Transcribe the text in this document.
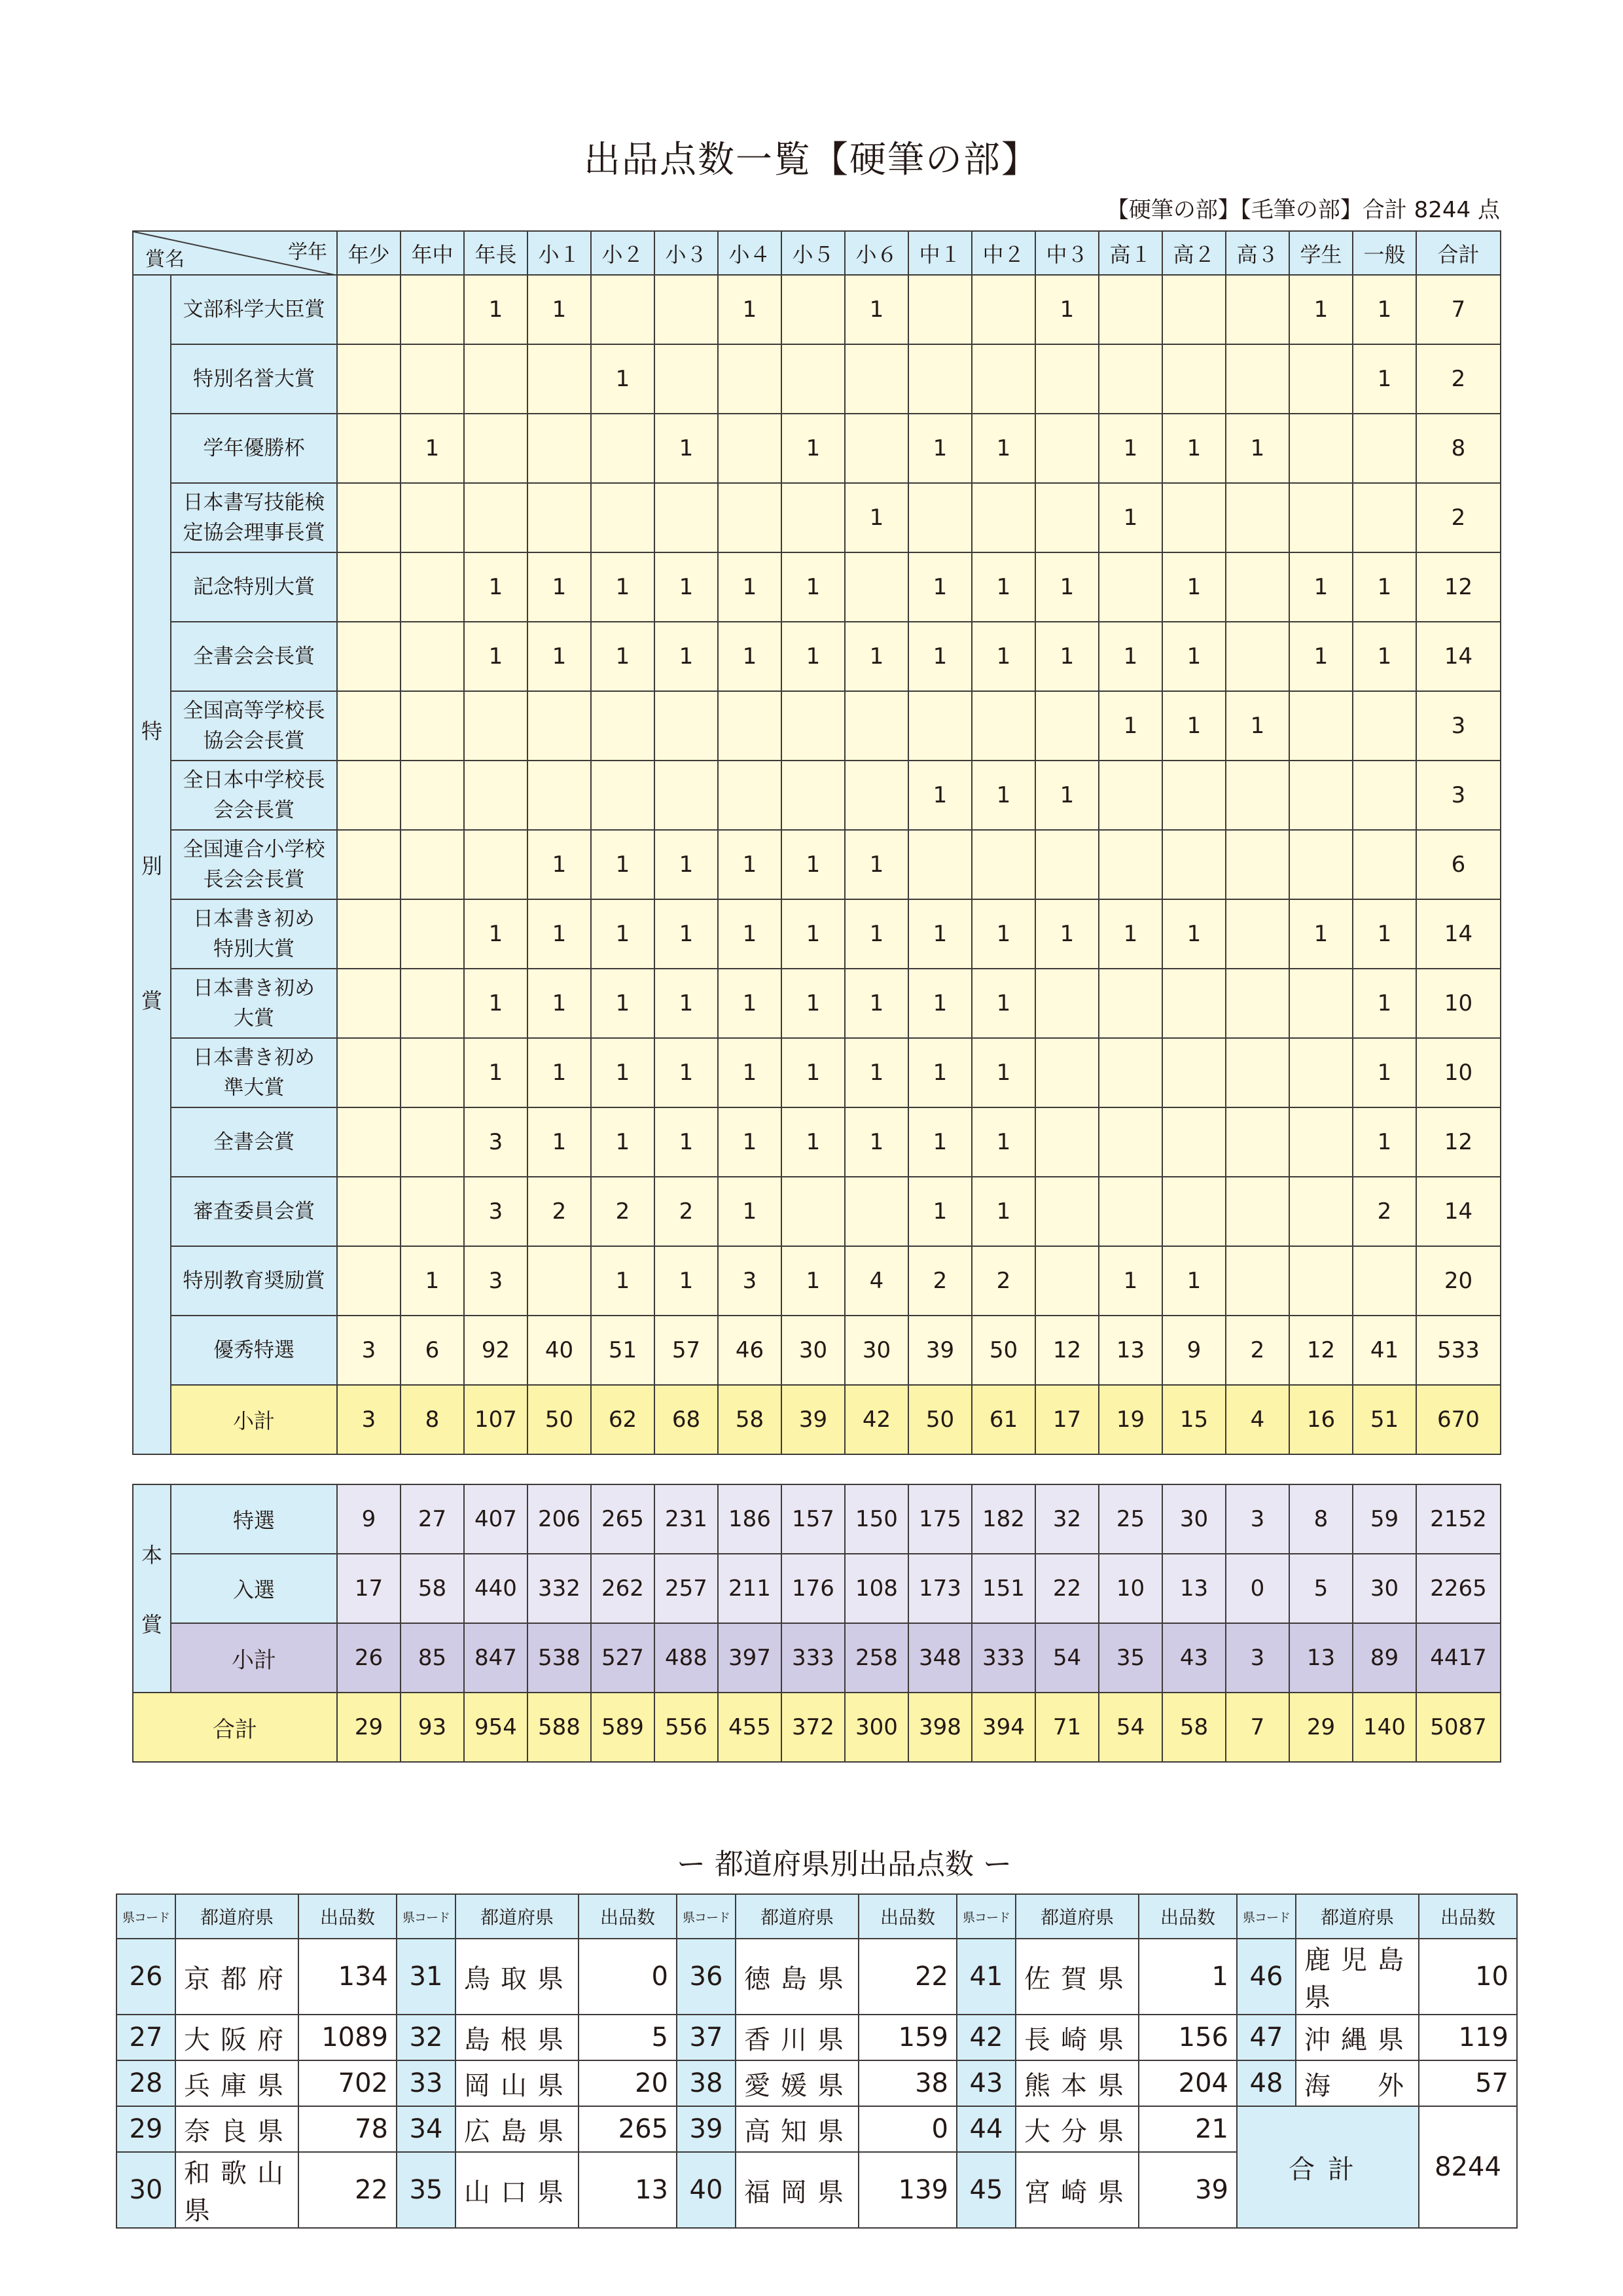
出品点数一覧【硬筆の部】
【硬筆の部】【毛筆の部】合計 8244 点
学年
賞名		年少	年中	年長	小１	小２	小３	小４	小５	小６	中１	中２	中３	高１	高２	高３	学生	一般	合計

特
別
賞	文部科学大臣賞			1	1			1		1			1				1	1	7

	特別名誉大賞					1												1	2

	学年優勝杯		1				1		1		1	1		1	1	1			8

	日本書写技能検
定協会理事長賞									1				1					2

	記念特別大賞			1	1	1	1	1	1		1	1	1		1		1	1	12

	全書会会長賞			1	1	1	1	1	1	1	1	1	1	1	1		1	1	14

	全国高等学校長
協会会長賞													1	1	1			3

	全日本中学校長
会会長賞										1	1	1						3

	全国連合小学校
長会会長賞				1	1	1	1	1	1									6

	日本書き初め
特別大賞			1	1	1	1	1	1	1	1	1	1	1	1		1	1	14

	日本書き初め
大賞			1	1	1	1	1	1	1	1	1						1	10

	日本書き初め
準大賞			1	1	1	1	1	1	1	1	1						1	10

	全書会賞			3	1	1	1	1	1	1	1	1						1	12

	審査委員会賞			3	2	2	2	1			1	1						2	14

	特別教育奨励賞		1	3		1	1	3	1	4	2	2		1	1				20

	優秀特選	3	6	92	40	51	57	46	30	30	39	50	12	13	9	2	12	41	533
	小計	3	8	107	50	62	68	58	39	42	50	61	17	19	15	4	16	51	670
本
賞	特選	9	27	407	206	265	231	186	157	150	175	182	32	25	30	3	8	59	2152
	入選	17	58	440	332	262	257	211	176	108	173	151	22	10	13	0	5	30	2265
	小計	26	85	847	538	527	488	397	333	258	348	333	54	35	43	3	13	89	4417
合計		29	93	954	588	589	556	455	372	300	398	394	71	54	58	7	29	140	5087
ー 都道府県別出品点数 ー
県コード	都道府県	出品数	県コード	都道府県	出品数	県コード	都道府県	出品数	県コード	都道府県	出品数	県コード	都道府県	出品数
26	京都府	134	31	鳥取県	0	36	徳島県	22	41	佐賀県	1	46	鹿児島県	10
27	大阪府	1089	32	島根県	5	37	香川県	159	42	長崎県	156	47	沖縄県	119
28	兵庫県	702	33	岡山県	20	38	愛媛県	38	43	熊本県	204	48	海外	57
29	奈良県	78	34	広島県	265	39	高知県	0	44	大分県	21	合計		8244
30	和歌山県	22	35	山口県	13	40	福岡県	139	45	宮崎県	39			
